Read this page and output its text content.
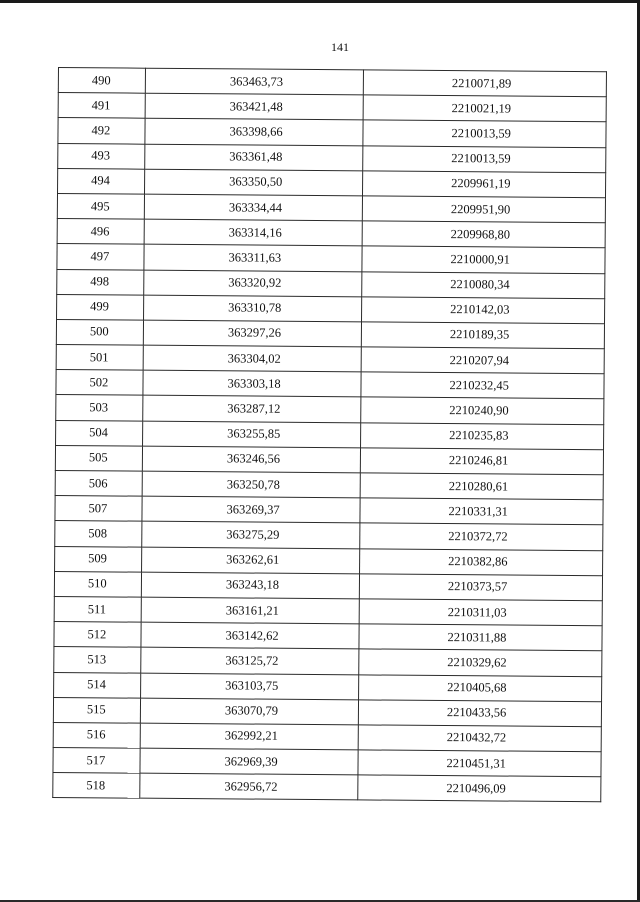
141
490	363463,73	2210071,89
491	363421,48	2210021,19
492	363398,66	2210013,59
493	363361,48	2210013,59
494	363350,50	2209961,19
495	363334,44	2209951,90
496	363314,16	2209968,80
497	363311,63	2210000,91
498	363320,92	2210080,34
499	363310,78	2210142,03
500	363297,26	2210189,35
501	363304,02	2210207,94
502	363303,18	2210232,45
503	363287,12	2210240,90
504	363255,85	2210235,83
505	363246,56	2210246,81
506	363250,78	2210280,61
507	363269,37	2210331,31
508	363275,29	2210372,72
509	363262,61	2210382,86
510	363243,18	2210373,57
511	363161,21	2210311,03
512	363142,62	2210311,88
513	363125,72	2210329,62
514	363103,75	2210405,68
515	363070,79	2210433,56
516	362992,21	2210432,72
517	362969,39	2210451,31
518	362956,72	2210496,09
